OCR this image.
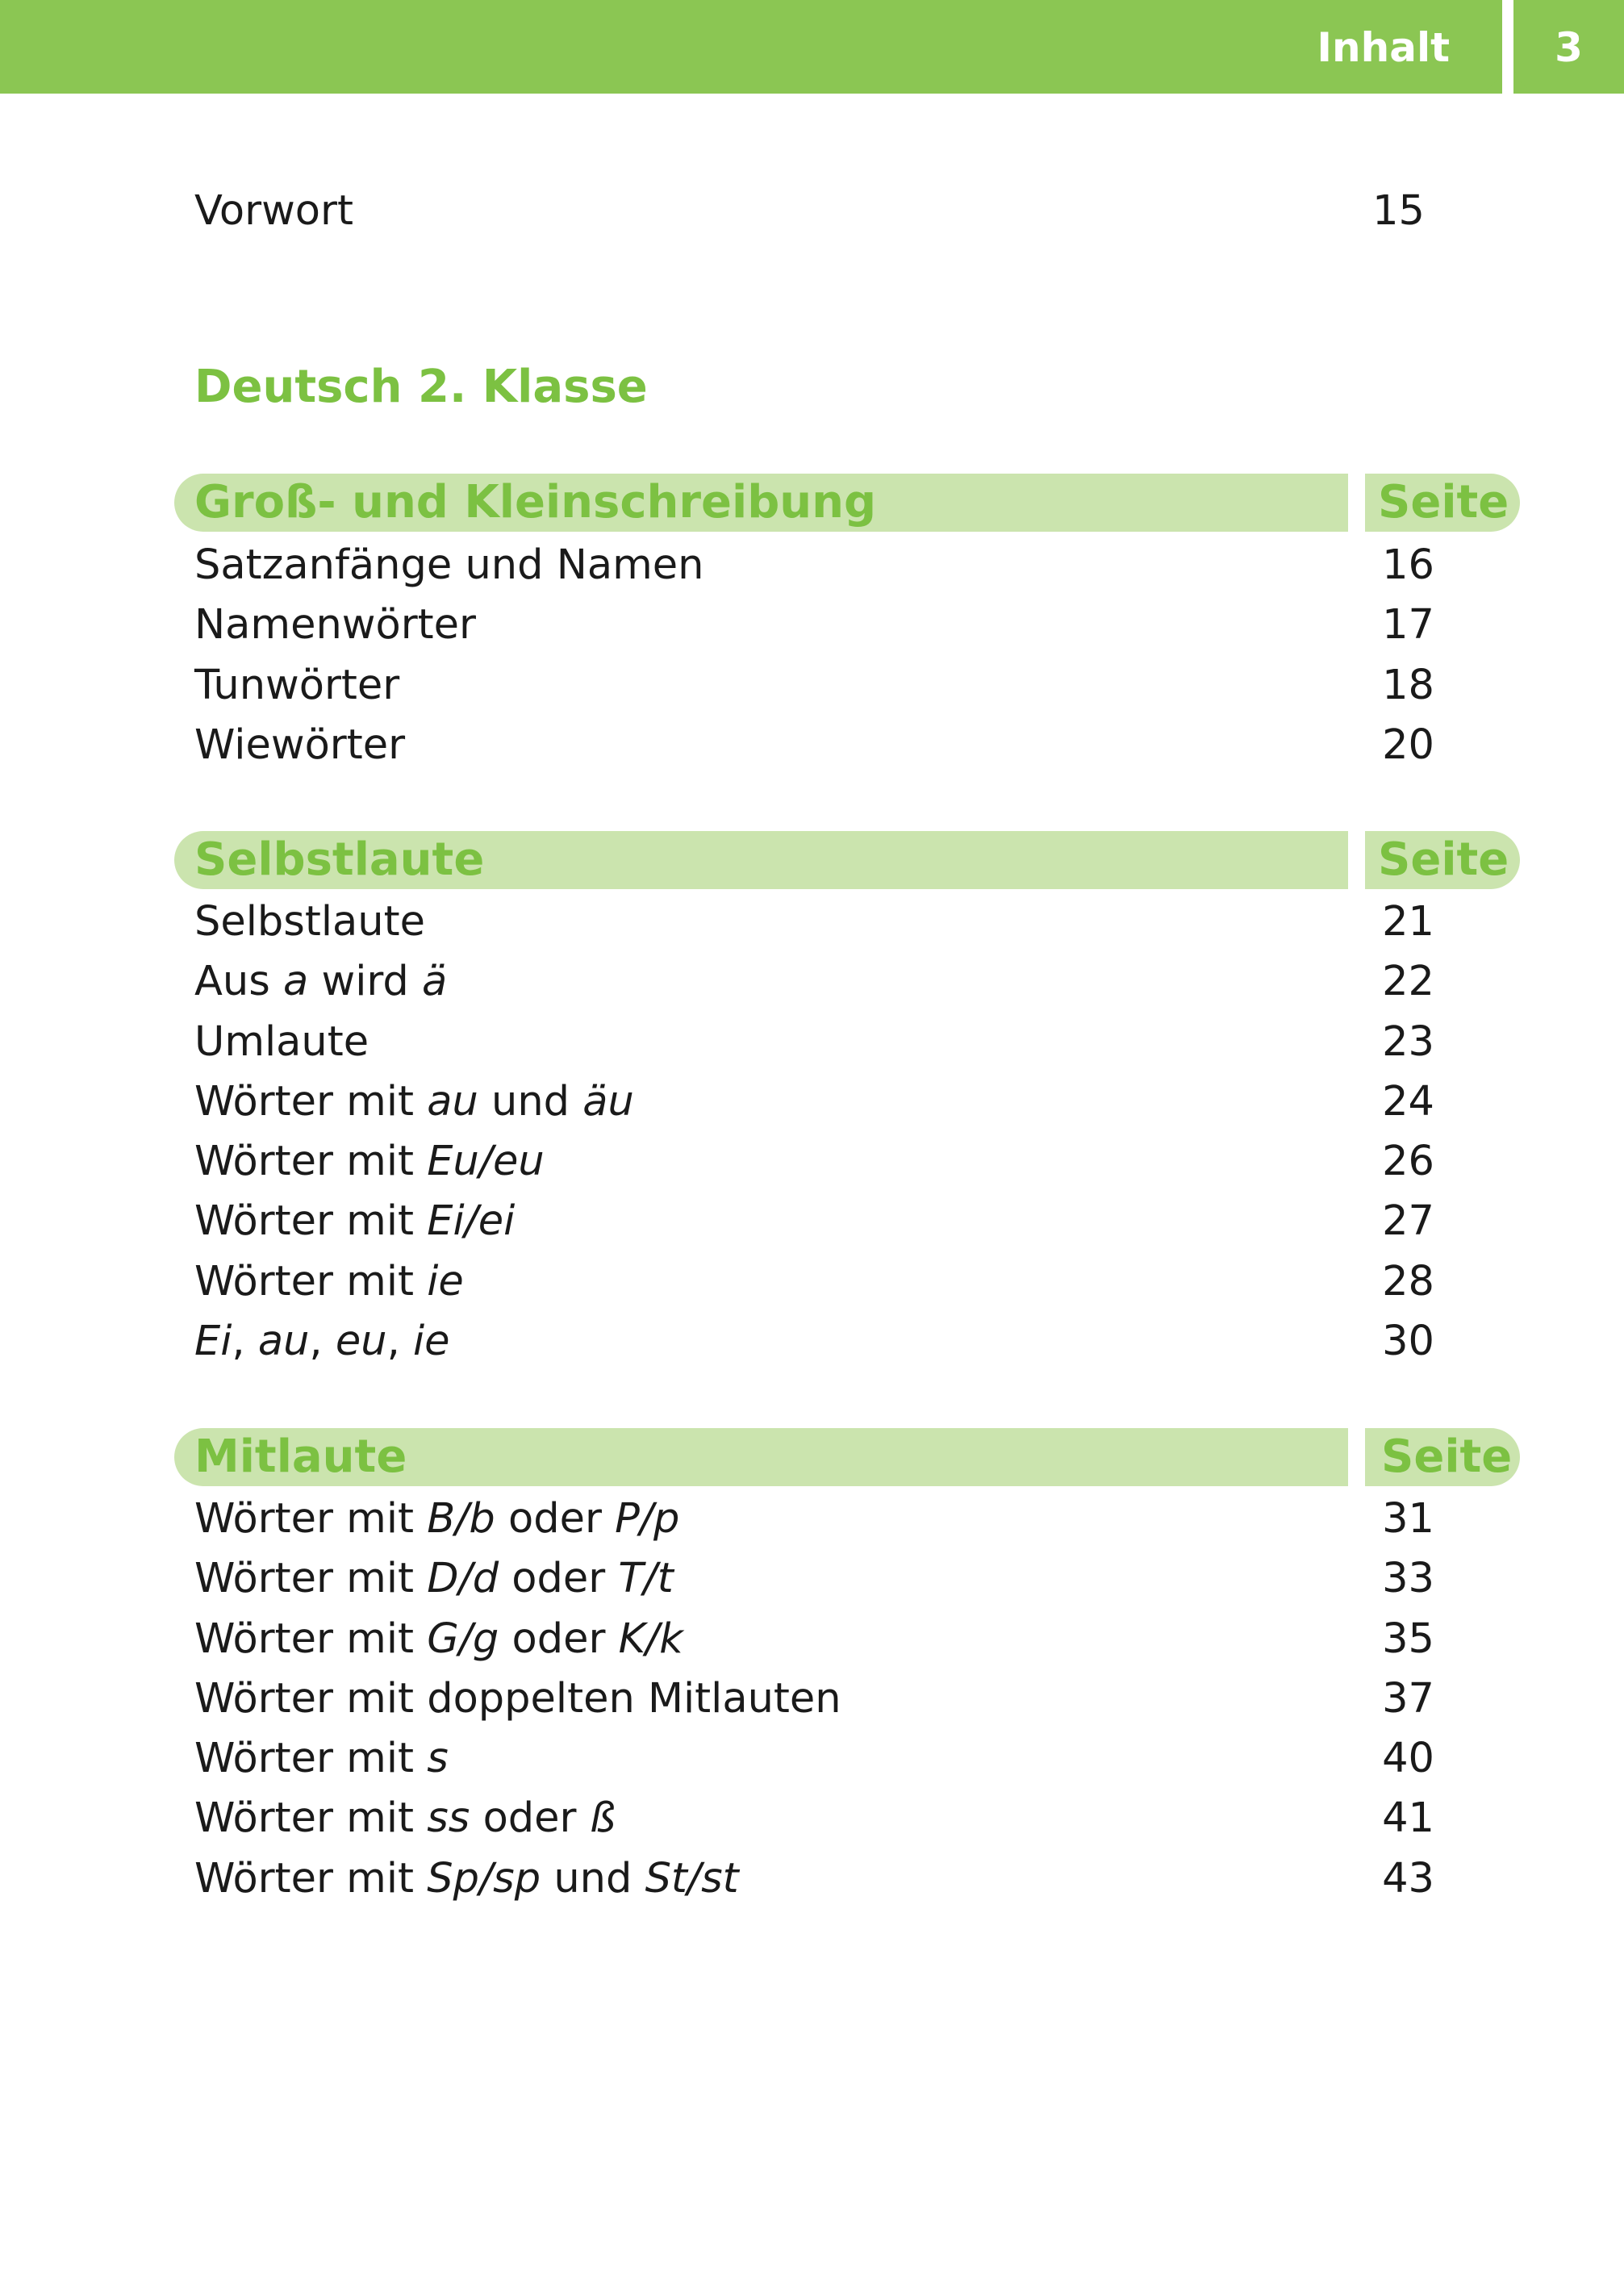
Inhalt	3
Vorwort	15
Deutsch 2. Klasse
Groß- und Kleinschreibung	Seite
Satzanfänge und Namen	16
Namenwörter	17
Tunwörter	18
Wiewörter	20
Selbstlaute	Seite
Selbstlaute	21
Aus a wird ä	22
Umlaute	23
Wörter mit au und äu	24
Wörter mit Eu/eu	26
Wörter mit Ei/ei	27
Wörter mit ie	28
Ei, au, eu, ie	30
Mitlaute	Seite
Wörter mit B/b oder P/p	31
Wörter mit D/d oder T/t	33
Wörter mit G/g oder K/k	35
Wörter mit doppelten Mitlauten	37
Wörter mit s	40
Wörter mit ss oder ß	41
Wörter mit Sp/sp und St/st	43
